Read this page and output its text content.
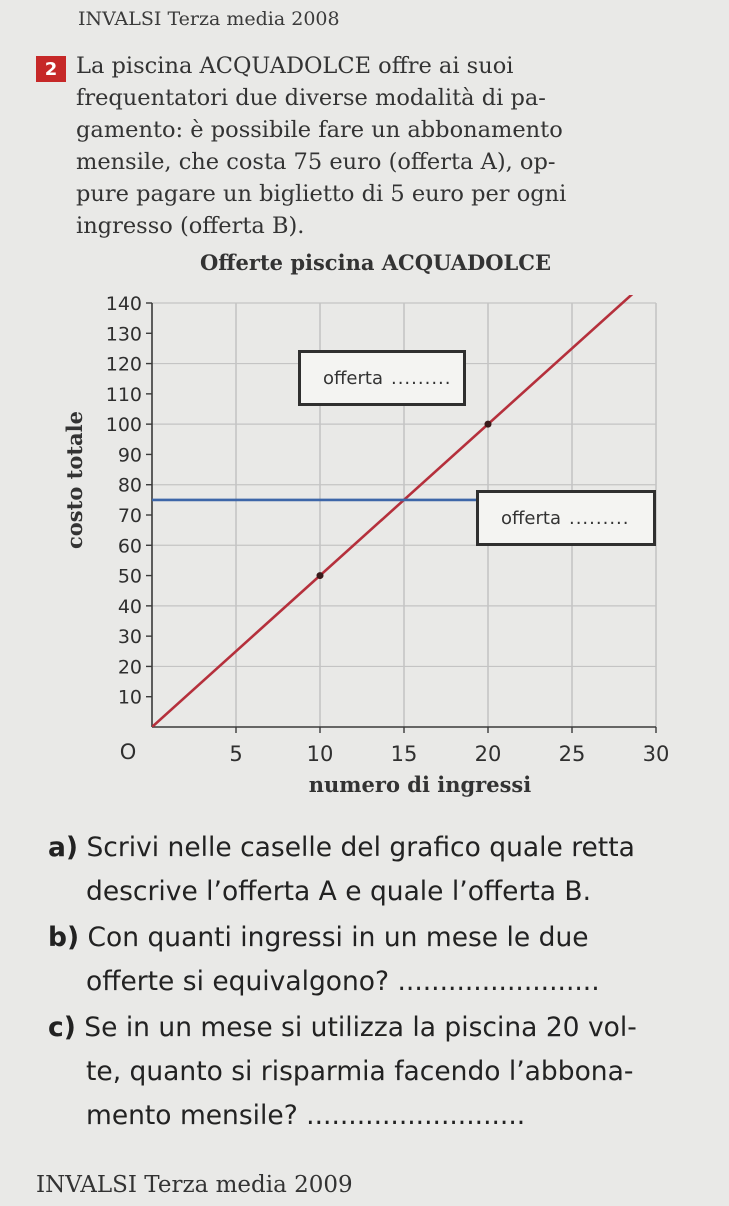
INVALSI Terza media 2008
2 La piscina ACQUADOLCE offre ai suoi
frequentatori due diverse modalità di pa-
gamento: è possibile fare un abbonamento
mensile, che costa 75 euro (offerta A), op-
pure pagare un biglietto di 5 euro per ogni
ingresso (offerta B).
Offerte piscina ACQUADOLCE
10
20
30
40
50
60
70
80
90
100
110
120
130
140
5	10	15	20	25	30
O
costo totale
numero di ingressi
offerta .........
offerta .........
a) Scrivi nelle caselle del grafico quale retta
descrive l’offerta A e quale l’offerta B.
b) Con quanti ingressi in un mese le due
offerte si equivalgono? ........................
c) Se in un mese si utilizza la piscina 20 vol-
te, quanto si risparmia facendo l’abbona-
mento mensile? ..........................
INVALSI Terza media 2009
